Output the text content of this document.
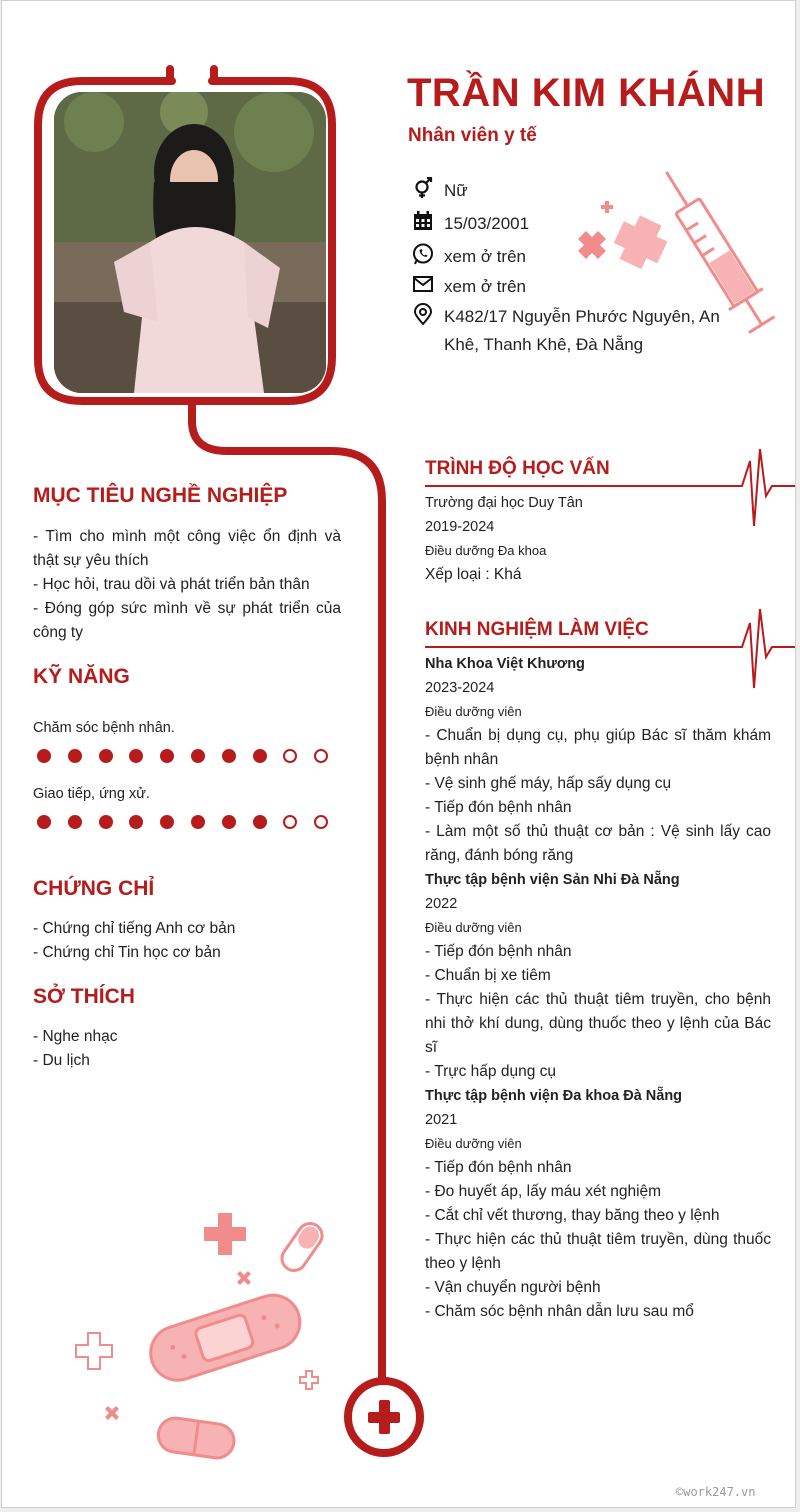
TRẦN KIM KHÁNH
Nhân viên y tế
Nữ
15/03/2001
xem ở trên
xem ở trên
K482/17 Nguyễn Phước Nguyên, An Khê, Thanh Khê, Đà Nẵng
MỤC TIÊU NGHỀ NGHIỆP
- Tìm cho mình một công việc ổn định và thật sự yêu thích
- Học hỏi, trau dồi và phát triển bản thân
- Đóng góp sức mình về sự phát triển của công ty
KỸ NĂNG
Chăm sóc bệnh nhân.
Giao tiếp, ứng xử.
CHỨNG CHỈ
- Chứng chỉ tiếng Anh cơ bản
- Chứng chỉ Tin học cơ bản
SỞ THÍCH
- Nghe nhạc
- Du lịch
TRÌNH ĐỘ HỌC VẤN
Trường đại học Duy Tân
2019-2024
Điều dưỡng Đa khoa
Xếp loại : Khá
KINH NGHIỆM LÀM VIỆC
Nha Khoa Việt Khương
2023-2024
Điều dưỡng viên
- Chuẩn bị dụng cụ, phụ giúp Bác sĩ thăm khám bệnh nhân
- Vệ sinh ghế máy, hấp sấy dụng cụ
- Tiếp đón bệnh nhân
- Làm một số thủ thuật cơ bản : Vệ sinh lấy cao răng, đánh bóng răng
Thực tập bệnh viện Sản Nhi Đà Nẵng
2022
Điều dưỡng viên
- Tiếp đón bệnh nhân
- Chuẩn bị xe tiêm
- Thực hiện các thủ thuật tiêm truyền, cho bệnh nhi thở khí dung, dùng thuốc theo y lệnh của Bác sĩ
- Trực hấp dụng cụ
Thực tập bệnh viện Đa khoa Đà Nẵng
2021
Điều dưỡng viên
- Tiếp đón bệnh nhân
- Đo huyết áp, lấy máu xét nghiệm
- Cắt chỉ vết thương, thay băng theo y lệnh
- Thực hiện các thủ thuật tiêm truyền, dùng thuốc theo y lệnh
- Vận chuyển người bệnh
- Chăm sóc bệnh nhân dẫn lưu sau mổ
©work247.vn
